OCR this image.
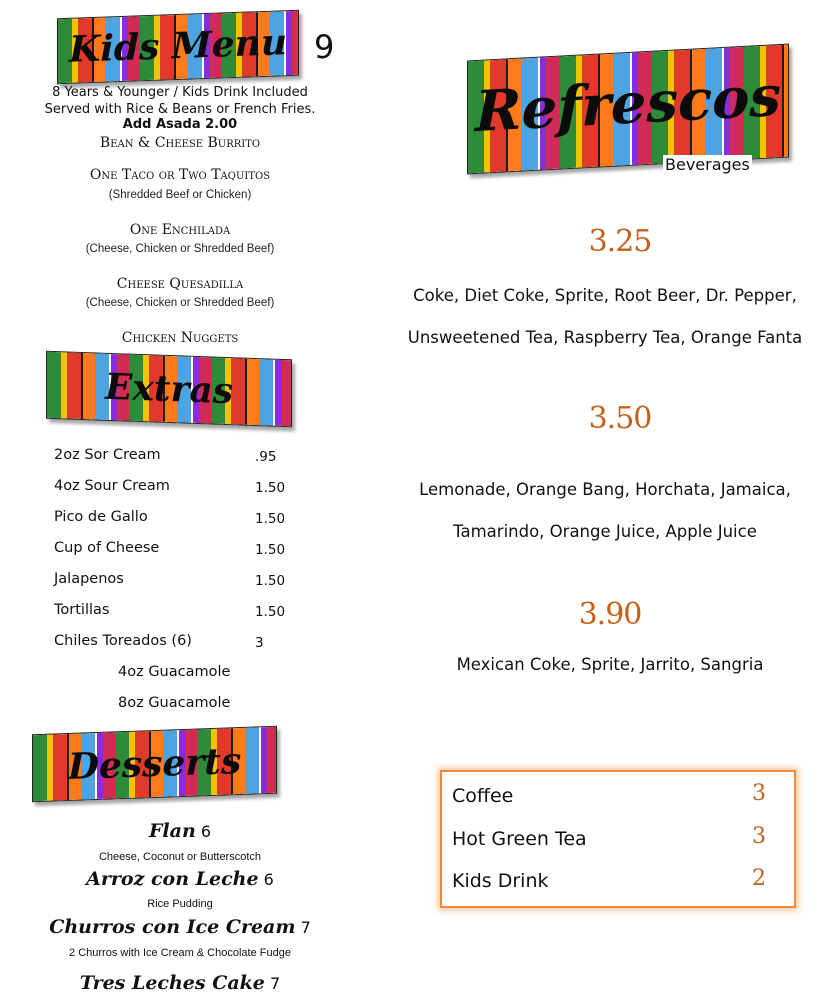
Kids Menu 9
8 Years & Younger / Kids Drink Included
Served with Rice & Beans or French Fries.
Add Asada 2.00
Bean & Cheese Burrito
One Taco or Two Taquitos
(Shredded Beef or Chicken)
One Enchilada
(Cheese, Chicken or Shredded Beef)
Cheese Quesadilla
(Cheese, Chicken or Shredded Beef)
Chicken Nuggets
Extras
2oz Sor Cream	.95
4oz Sour Cream	1.50
Pico de Gallo	1.50
Cup of Cheese	1.50
Jalapenos	1.50
Tortillas	1.50
Chiles Toreados (6)	3
4oz Guacamole
8oz Guacamole
Desserts
Flan 6
Cheese, Coconut or Butterscotch
Arroz con Leche 6
Rice Pudding
Churros con Ice Cream 7
2 Churros with Ice Cream & Chocolate Fudge
Tres Leches Cake 7
Refrescos
Beverages
3.25
Coke, Diet Coke, Sprite, Root Beer, Dr. Pepper,
Unsweetened Tea, Raspberry Tea, Orange Fanta
3.50
Lemonade, Orange Bang, Horchata, Jamaica,
Tamarindo, Orange Juice, Apple Juice
3.90
Mexican Coke, Sprite, Jarrito, Sangria
Coffee	3
Hot Green Tea	3
Kids Drink	2
